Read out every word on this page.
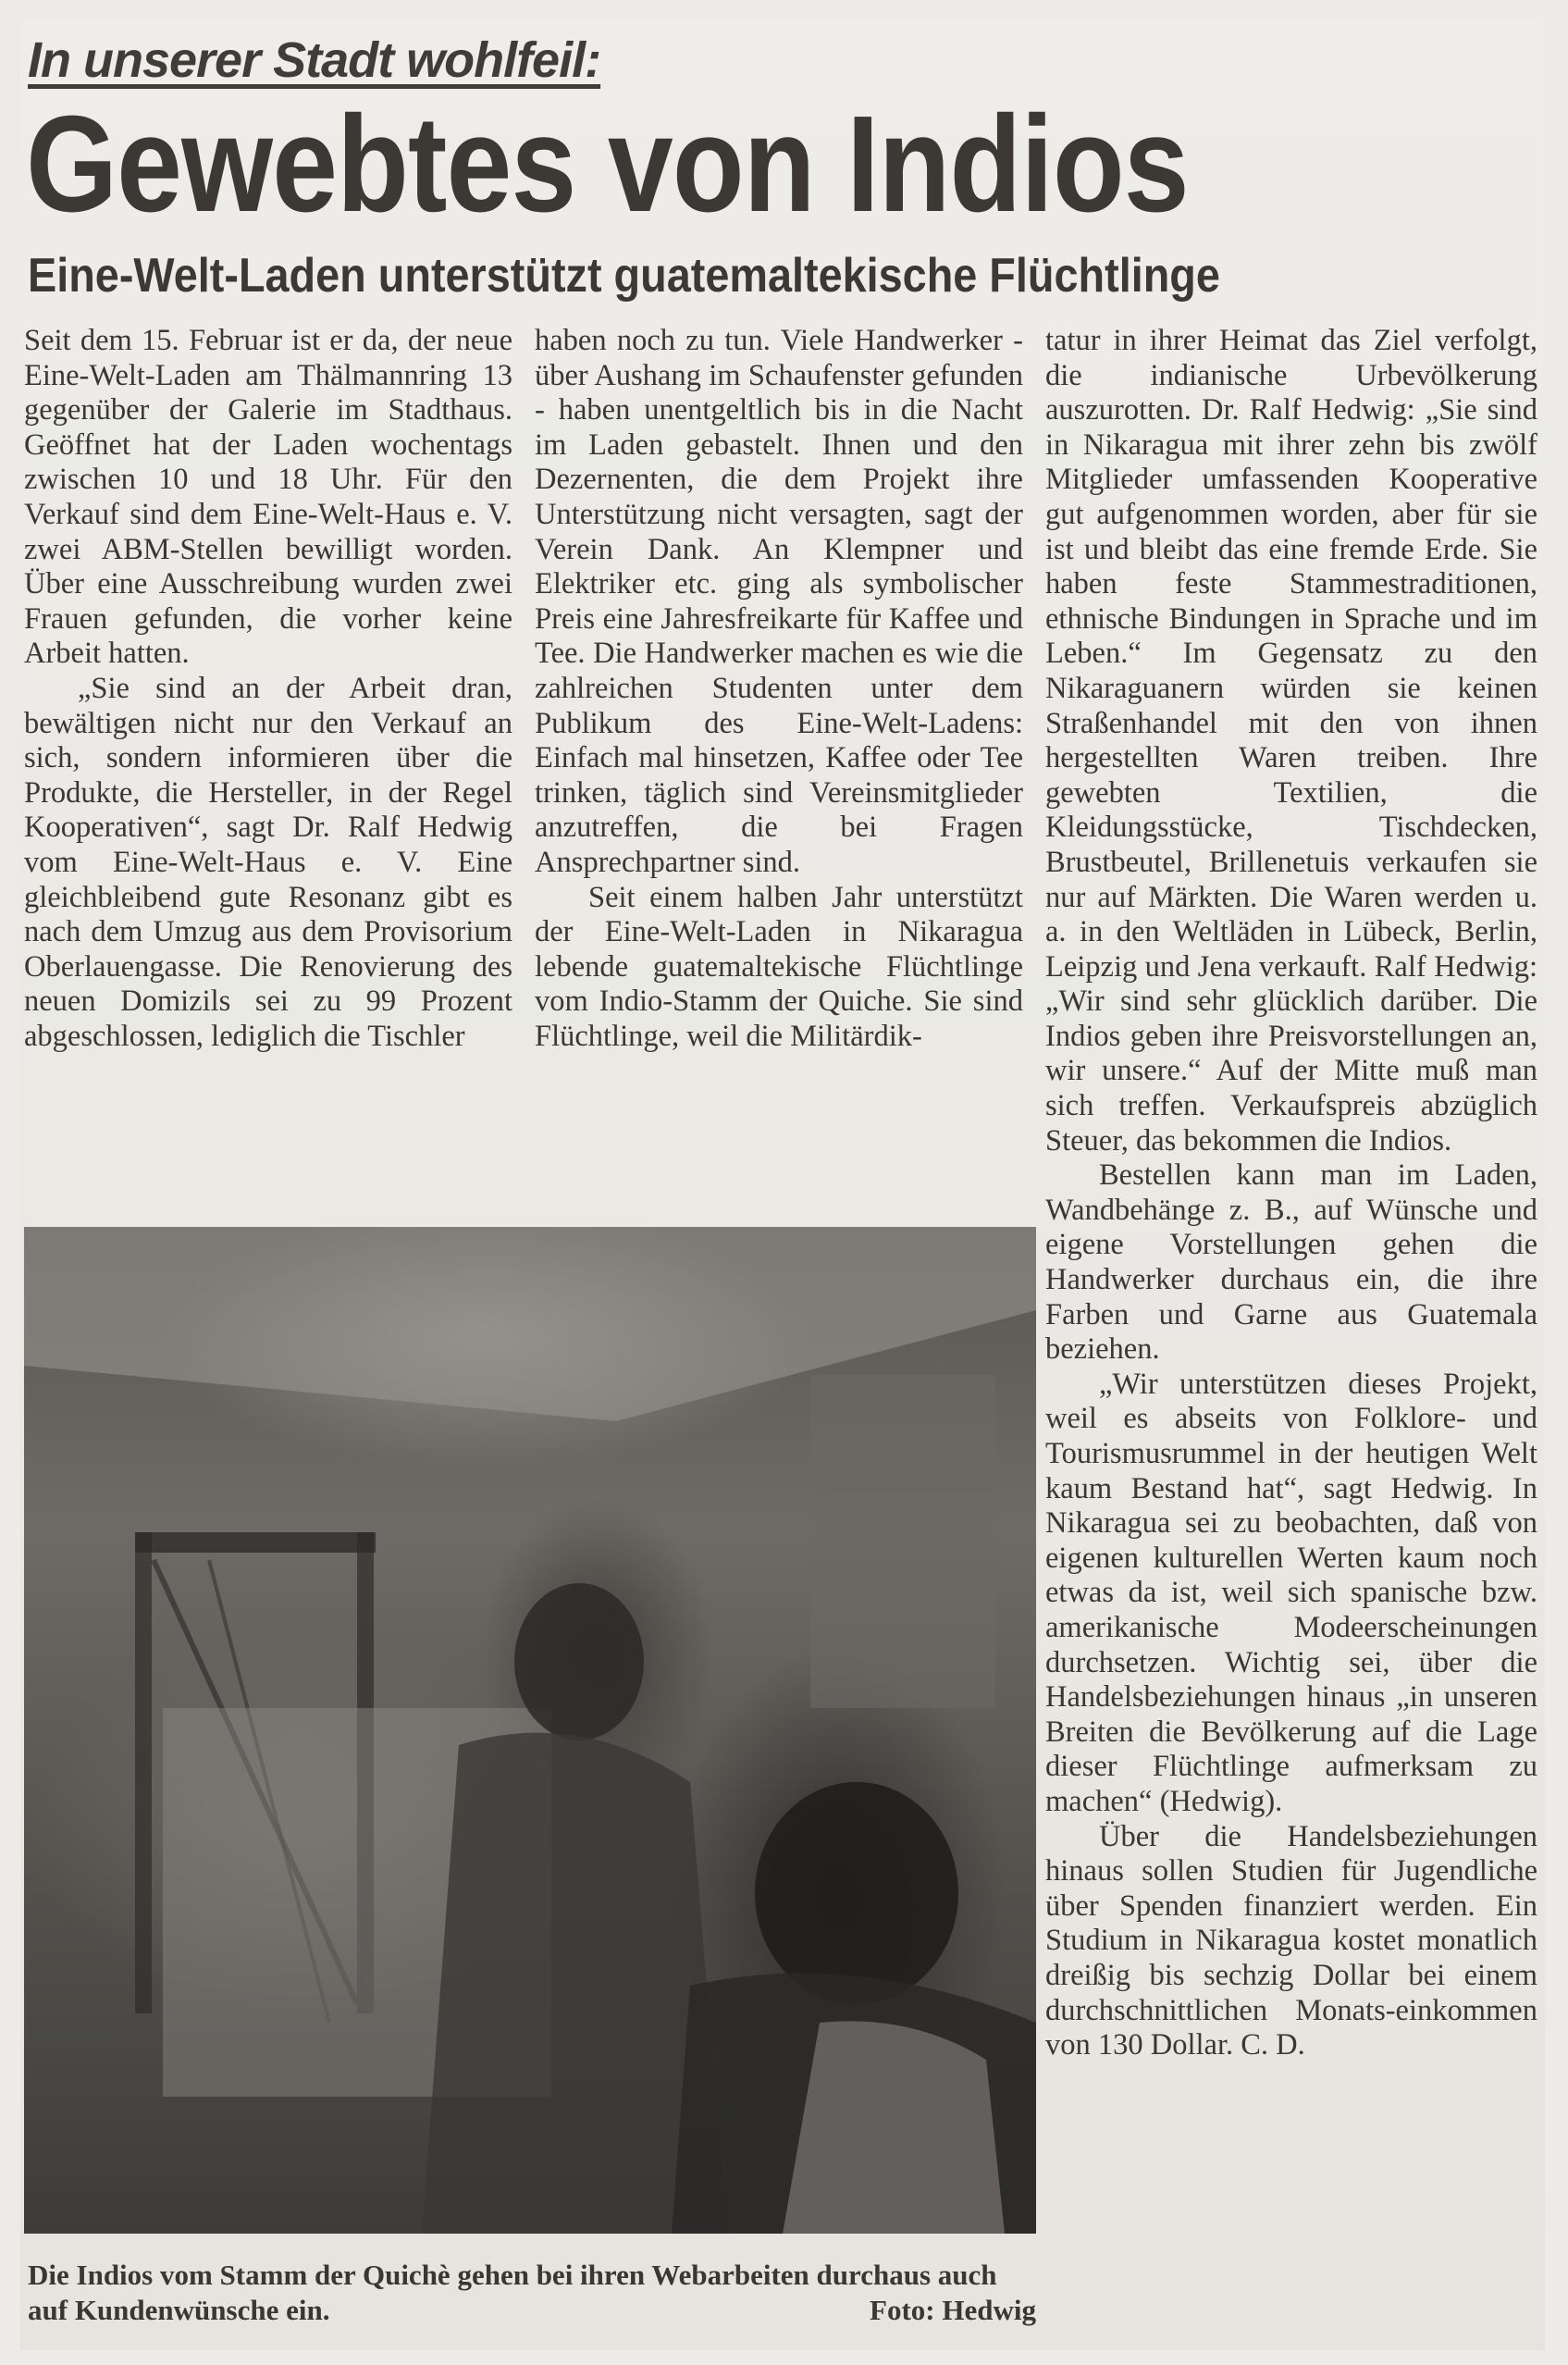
In unserer Stadt wohlfeil:
Gewebtes von Indios
Eine-Welt-Laden unterstützt guatemaltekische Flüchtlinge

Seit dem 15. Februar ist er da, der neue Eine-Welt-Laden am Thälmannring 13 gegenüber der Galerie im Stadthaus. Geöffnet hat der Laden wochentags zwischen 10 und 18 Uhr. Für den Verkauf sind dem Eine-Welt-Haus e. V. zwei ABM-Stellen bewilligt worden. Über eine Ausschreibung wurden zwei Frauen gefunden, die vorher keine Arbeit hatten.

„Sie sind an der Arbeit dran, bewältigen nicht nur den Verkauf an sich, sondern informieren über die Produkte, die Hersteller, in der Regel Kooperativen“, sagt Dr. Ralf Hedwig vom Eine-Welt-Haus e. V. Eine gleichbleibend gute Resonanz gibt es nach dem Umzug aus dem Provisorium Oberlauengasse. Die Renovierung des neuen Domizils sei zu 99 Prozent abgeschlossen, lediglich die Tischler

haben noch zu tun. Viele Handwerker - über Aushang im Schaufenster gefunden - haben unentgeltlich bis in die Nacht im Laden gebastelt. Ihnen und den Dezernenten, die dem Projekt ihre Unterstützung nicht versagten, sagt der Verein Dank. An Klempner und Elektriker etc. ging als symbolischer Preis eine Jahresfreikarte für Kaffee und Tee. Die Handwerker machen es wie die zahlreichen Studenten unter dem Publikum des Eine-Welt-Ladens: Einfach mal hinsetzen, Kaffee oder Tee trinken, täglich sind Vereinsmitglieder anzutreffen, die bei Fragen Ansprechpartner sind.

Seit einem halben Jahr unterstützt der Eine-Welt-Laden in Nikaragua lebende guatemaltekische Flüchtlinge vom Indio-Stamm der Quiche. Sie sind Flüchtlinge, weil die Militärdik-

tatur in ihrer Heimat das Ziel verfolgt, die indianische Urbevölkerung auszurotten. Dr. Ralf Hedwig: „Sie sind in Nikaragua mit ihrer zehn bis zwölf Mitglieder umfassenden Kooperative gut aufgenommen worden, aber für sie ist und bleibt das eine fremde Erde. Sie haben feste Stammestraditionen, ethnische Bindungen in Sprache und im Leben.“ Im Gegensatz zu den Nikaraguanern würden sie keinen Straßenhandel mit den von ihnen hergestellten Waren treiben. Ihre gewebten Textilien, die Kleidungsstücke, Tischdecken, Brustbeutel, Brillenetuis verkaufen sie nur auf Märkten. Die Waren werden u. a. in den Weltläden in Lübeck, Berlin, Leipzig und Jena verkauft. Ralf Hedwig: „Wir sind sehr glücklich darüber. Die Indios geben ihre Preisvorstellungen an, wir unsere.“ Auf der Mitte muß man sich treffen. Verkaufspreis abzüglich Steuer, das bekommen die Indios.

Bestellen kann man im Laden, Wandbehänge z. B., auf Wünsche und eigene Vorstellungen gehen die Handwerker durchaus ein, die ihre Farben und Garne aus Guatemala beziehen.

„Wir unterstützen dieses Projekt, weil es abseits von Folklore- und Tourismusrummel in der heutigen Welt kaum Bestand hat“, sagt Hedwig. In Nikaragua sei zu beobachten, daß von eigenen kulturellen Werten kaum noch etwas da ist, weil sich spanische bzw. amerikanische Modeerscheinungen durchsetzen. Wichtig sei, über die Handelsbeziehungen hinaus „in unseren Breiten die Bevölkerung auf die Lage dieser Flüchtlinge aufmerksam zu machen“ (Hedwig).

Über die Handelsbeziehungen hinaus sollen Studien für Jugendliche über Spenden finanziert werden. Ein Studium in Nikaragua kostet monatlich dreißig bis sechzig Dollar bei einem durchschnittlichen Monats-einkommen von 130 Dollar. C. D.

Die Indios vom Stamm der Quichè gehen bei ihren Webarbeiten durchaus auch auf Kundenwünsche ein.	Foto: Hedwig
